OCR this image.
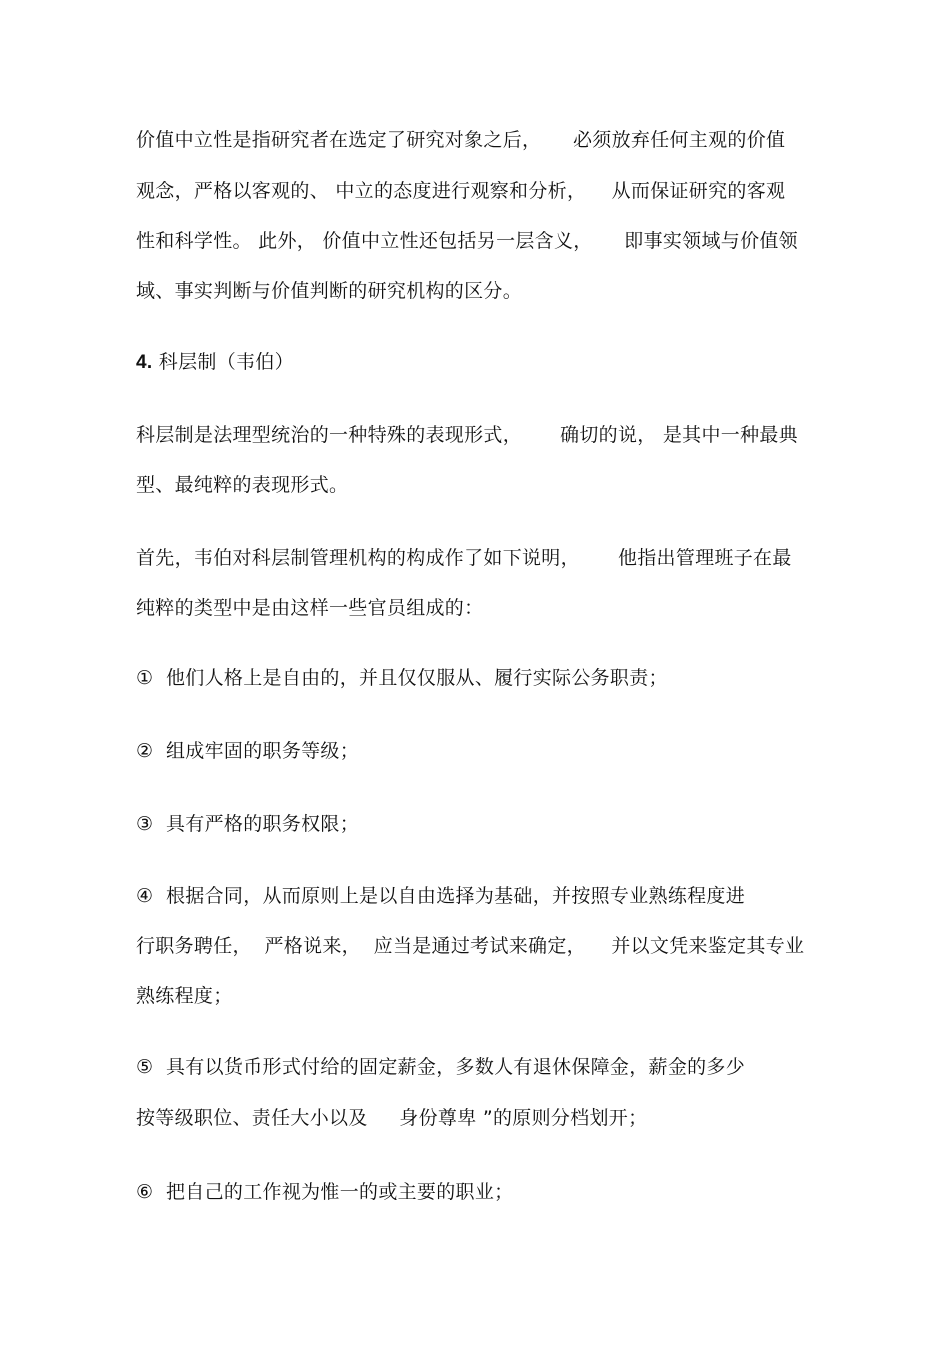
价值中立性是指研究者在选定了研究对象之后，     必须放弃任何主观的价值
观念，严格以客观的、 中立的态度进行观察和分析，    从而保证研究的客观
性和科学性。 此外， 价值中立性还包括另一层含义，     即事实领域与价值领
域、事实判断与价值判断的研究机构的区分。
4. 科层制（韦伯）
科层制是法理型统治的一种特殊的表现形式，      确切的说， 是其中一种最典
型、最纯粹的表现形式。
首先，韦伯对科层制管理机构的构成作了如下说明，      他指出管理班子在最
纯粹的类型中是由这样一些官员组成的：
①  他们人格上是自由的，并且仅仅服从、履行实际公务职责；
②  组成牢固的职务等级；
③  具有严格的职务权限；
④  根据合同，从而原则上是以自由选择为基础，并按照专业熟练程度进
行职务聘任，  严格说来，  应当是通过考试来确定，    并以文凭来鉴定其专业
熟练程度；
⑤  具有以货币形式付给的固定薪金，多数人有退休保障金，薪金的多少
按等级职位、责任大小以及     身份尊卑 ”的原则分档划开；
⑥  把自己的工作视为惟一的或主要的职业；
